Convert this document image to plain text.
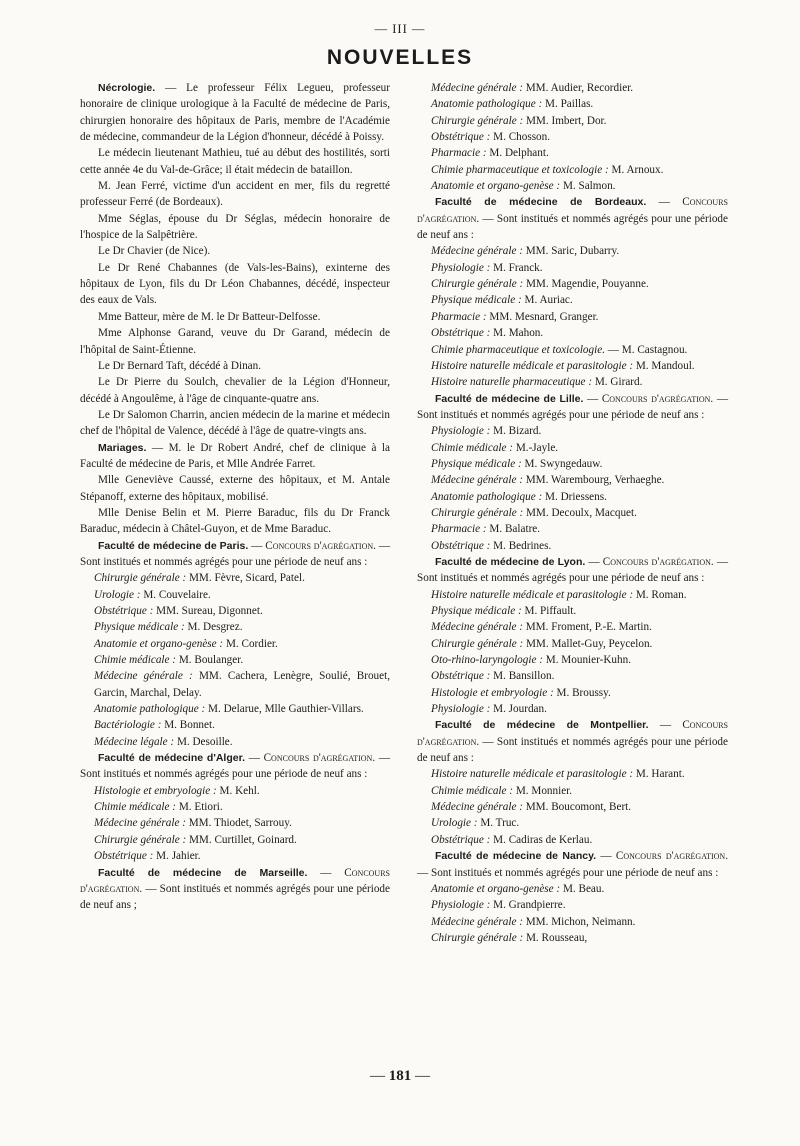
— III —
NOUVELLES

Nécrologie. — Le professeur Félix Legueu, professeur honoraire de clinique urologique à la Faculté de médecine de Paris, chirurgien honoraire des hôpitaux de Paris, membre de l'Académie de médecine, commandeur de la Légion d'honneur, décédé à Poissy.

Le médecin lieutenant Mathieu, tué au début des hostilités, sorti cette année 4e du Val-de-Grâce; il était médecin de bataillon.

M. Jean Ferré, victime d'un accident en mer, fils du regretté professeur Ferré (de Bordeaux).

Mme Séglas, épouse du Dr Séglas, médecin honoraire de l'hospice de la Salpêtrière.

Le Dr Chavier (de Nice).

Le Dr René Chabannes (de Vals-les-Bains), exinterne des hôpitaux de Lyon, fils du Dr Léon Chabannes, décédé, inspecteur des eaux de Vals.

Mme Batteur, mère de M. le Dr Batteur-Delfosse.

Mme Alphonse Garand, veuve du Dr Garand, médecin de l'hôpital de Saint-Étienne.

Le Dr Bernard Taft, décédé à Dinan.

Le Dr Pierre du Soulch, chevalier de la Légion d'Honneur, décédé à Angoulême, à l'âge de cinquante-quatre ans.

Le Dr Salomon Charrin, ancien médecin de la marine et médecin chef de l'hôpital de Valence, décédé à l'âge de quatre-vingts ans.

Mariages. — M. le Dr Robert André, chef de clinique à la Faculté de médecine de Paris, et Mlle Andrée Farret.

Mlle Geneviève Caussé, externe des hôpitaux, et M. Antale Stépanoff, externe des hôpitaux, mobilisé.

Mlle Denise Belin et M. Pierre Baraduc, fils du Dr Franck Baraduc, médecin à Châtel-Guyon, et de Mme Baraduc.

Faculté de médecine de Paris. — Concours d'agrégation. — Sont institués et nommés agrégés pour une période de neuf ans :

Chirurgie générale : MM. Fèvre, Sicard, Patel.

Urologie : M. Couvelaire.

Obstétrique : MM. Sureau, Digonnet.

Physique médicale : M. Desgrez.

Anatomie et organo-genèse : M. Cordier.

Chimie médicale : M. Boulanger.

Médecine générale : MM. Cachera, Lenègre, Soulié, Brouet, Garcin, Marchal, Delay.

Anatomie pathologique : M. Delarue, Mlle Gauthier-Villars.

Bactériologie : M. Bonnet.

Médecine légale : M. Desoille.

Faculté de médecine d'Alger. — Concours d'agrégation. — Sont institués et nommés agrégés pour une période de neuf ans :

Histologie et embryologie : M. Kehl.

Chimie médicale : M. Etiori.

Médecine générale : MM. Thiodet, Sarrouy.

Chirurgie générale : MM. Curtillet, Goinard.

Obstétrique : M. Jahier.

Faculté de médecine de Marseille. — Concours d'agrégation. — Sont institués et nommés agrégés pour une période de neuf ans ;

Médecine générale : MM. Audier, Recordier.

Anatomie pathologique : M. Paillas.

Chirurgie générale : MM. Imbert, Dor.

Obstétrique : M. Chosson.

Pharmacie : M. Delphant.

Chimie pharmaceutique et toxicologie : M. Arnoux.

Anatomie et organo-genèse : M. Salmon.

Faculté de médecine de Bordeaux. — Concours d'agrégation. — Sont institués et nommés agrégés pour une période de neuf ans :

Médecine générale : MM. Saric, Dubarry.

Physiologie : M. Franck.

Chirurgie générale : MM. Magendie, Pouyanne.

Physique médicale : M. Auriac.

Pharmacie : MM. Mesnard, Granger.

Obstétrique : M. Mahon.

Chimie pharmaceutique et toxicologie. — M. Castagnou.

Histoire naturelle médicale et parasitologie : M. Mandoul.

Histoire naturelle pharmaceutique : M. Girard.

Faculté de médecine de Lille. — Concours d'agrégation. — Sont institués et nommés agrégés pour une période de neuf ans :

Physiologie : M. Bizard.

Chimie médicale : M.-Jayle.

Physique médicale : M. Swyngedauw.

Médecine générale : MM. Warembourg, Verhaeghe.

Anatomie pathologique : M. Driessens.

Chirurgie générale : MM. Decoulx, Macquet.

Pharmacie : M. Balatre.

Obstétrique : M. Bedrines.

Faculté de médecine de Lyon. — Concours d'agrégation. — Sont institués et nommés agrégés pour une période de neuf ans :

Histoire naturelle médicale et parasitologie : M. Roman.

Physique médicale : M. Piffault.

Médecine générale : MM. Froment, P.-E. Martin.

Chirurgie générale : MM. Mallet-Guy, Peycelon.

Oto-rhino-laryngologie : M. Mounier-Kuhn.

Obstétrique : M. Bansillon.

Histologie et embryologie : M. Broussy.

Physiologie : M. Jourdan.

Faculté de médecine de Montpellier. — Concours d'agrégation. — Sont institués et nommés agrégés pour une période de neuf ans :

Histoire naturelle médicale et parasitologie : M. Harant.

Chimie médicale : M. Monnier.

Médecine générale : MM. Boucomont, Bert.

Urologie : M. Truc.

Obstétrique : M. Cadiras de Kerlau.

Faculté de médecine de Nancy. — Concours d'agrégation. — Sont institués et nommés agrégés pour une période de neuf ans :

Anatomie et organo-genèse : M. Beau.

Physiologie : M. Grandpierre.

Médecine générale : MM. Michon, Neimann.

Chirurgie générale : M. Rousseau,

— 181 —
